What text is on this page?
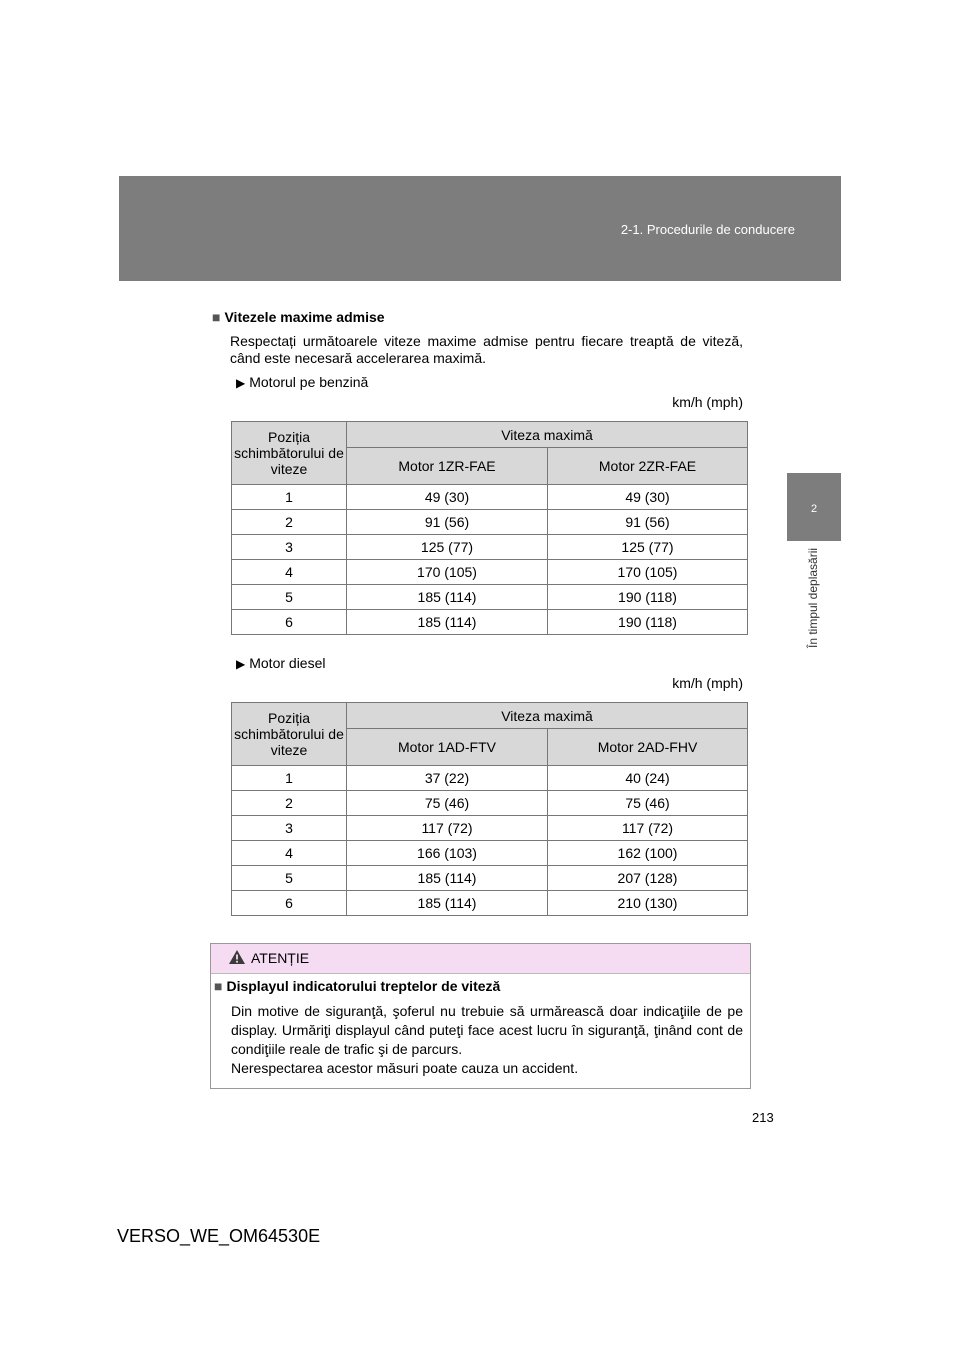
2-1. Procedurile de conducere
2
În timpul deplasării
■ Vitezele maxime admise
Respectați următoarele viteze maxime admise pentru fiecare treaptă de viteză, când este necesară accelerarea maximă.
▶ Motorul pe benzină
km/h (mph)
Poziția schimbătorului de viteze	Viteza maximă	
	Motor 1ZR-FAE	Motor 2ZR-FAE
1	49 (30)	49 (30)
2	91 (56)	91 (56)
3	125 (77)	125 (77)
4	170 (105)	170 (105)
5	185 (114)	190 (118)
6	185 (114)	190 (118)
▶ Motor diesel
km/h (mph)
Poziția schimbătorului de viteze	Viteza maximă	
	Motor 1AD-FTV	Motor 2AD-FHV
1	37 (22)	40 (24)
2	75 (46)	75 (46)
3	117 (72)	117 (72)
4	166 (103)	162 (100)
5	185 (114)	207 (128)
6	185 (114)	210 (130)
ATENȚIE
■ Displayul indicatorului treptelor de viteză
Din motive de siguranţă, şoferul nu trebuie să urmărească doar indicaţiile de pe display. Urmăriţi displayul când puteţi face acest lucru în siguranţă, ţinând cont de condiţiile reale de trafic şi de parcurs.
Nerespectarea acestor măsuri poate cauza un accident.
213
VERSO_WE_OM64530E
